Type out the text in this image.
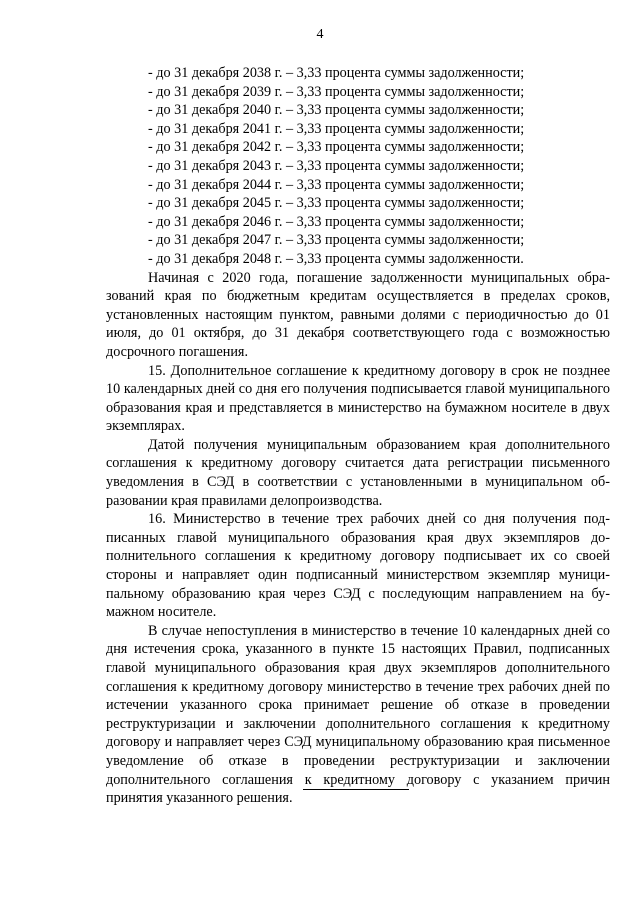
4
- до 31 декабря 2038 г. – 3,33 процента суммы задолженности;
- до 31 декабря 2039 г. – 3,33 процента суммы задолженности;
- до 31 декабря 2040 г. – 3,33 процента суммы задолженности;
- до 31 декабря 2041 г. – 3,33 процента суммы задолженности;
- до 31 декабря 2042 г. – 3,33 процента суммы задолженности;
- до 31 декабря 2043 г. – 3,33 процента суммы задолженности;
- до 31 декабря 2044 г. – 3,33 процента суммы задолженности;
- до 31 декабря 2045 г. – 3,33 процента суммы задолженности;
- до 31 декабря 2046 г. – 3,33 процента суммы задолженности;
- до 31 декабря 2047 г. – 3,33 процента суммы задолженности;
- до 31 декабря 2048 г. – 3,33 процента суммы задолженности.

Начиная с 2020 года, погашение задолженности муниципальных образований края по бюджетным кредитам осуществляется в пределах сроков, установленных настоящим пунктом, равными долями с периодичностью до 01 июля, до 01 октября, до 31 декабря соответствующего года с возможностью досрочного погашения.

15. Дополнительное соглашение к кредитному договору в срок не позднее 10 календарных дней со дня его получения подписывается главой муниципального образования края и представляется в министерство на бумажном носителе в двух экземплярах.

Датой получения муниципальным образованием края дополнительного соглашения к кредитному договору считается дата регистрации письменного уведомления в СЭД в соответствии с установленными в муниципальном образовании края правилами делопроизводства.

16. Министерство в течение трех рабочих дней со дня получения подписанных главой муниципального образования края двух экземпляров дополнительного соглашения к кредитному договору подписывает их со своей стороны и направляет один подписанный министерством экземпляр муниципальному образованию края через СЭД с последующим направлением на бумажном носителе.

В случае непоступления в министерство в течение 10 календарных дней со дня истечения срока, указанного в пункте 15 настоящих Правил, подписанных главой муниципального образования края двух экземпляров дополнительного соглашения к кредитному договору министерство в течение трех рабочих дней по истечении указанного срока принимает решение об отказе в проведении реструктуризации и заключении дополнительного соглашения к кредитному договору и направляет через СЭД муниципальному образованию края письменное уведомление об отказе в проведении реструктуризации и заключении дополнительного соглашения к кредитному договору с указанием причин принятия указанного решения.
